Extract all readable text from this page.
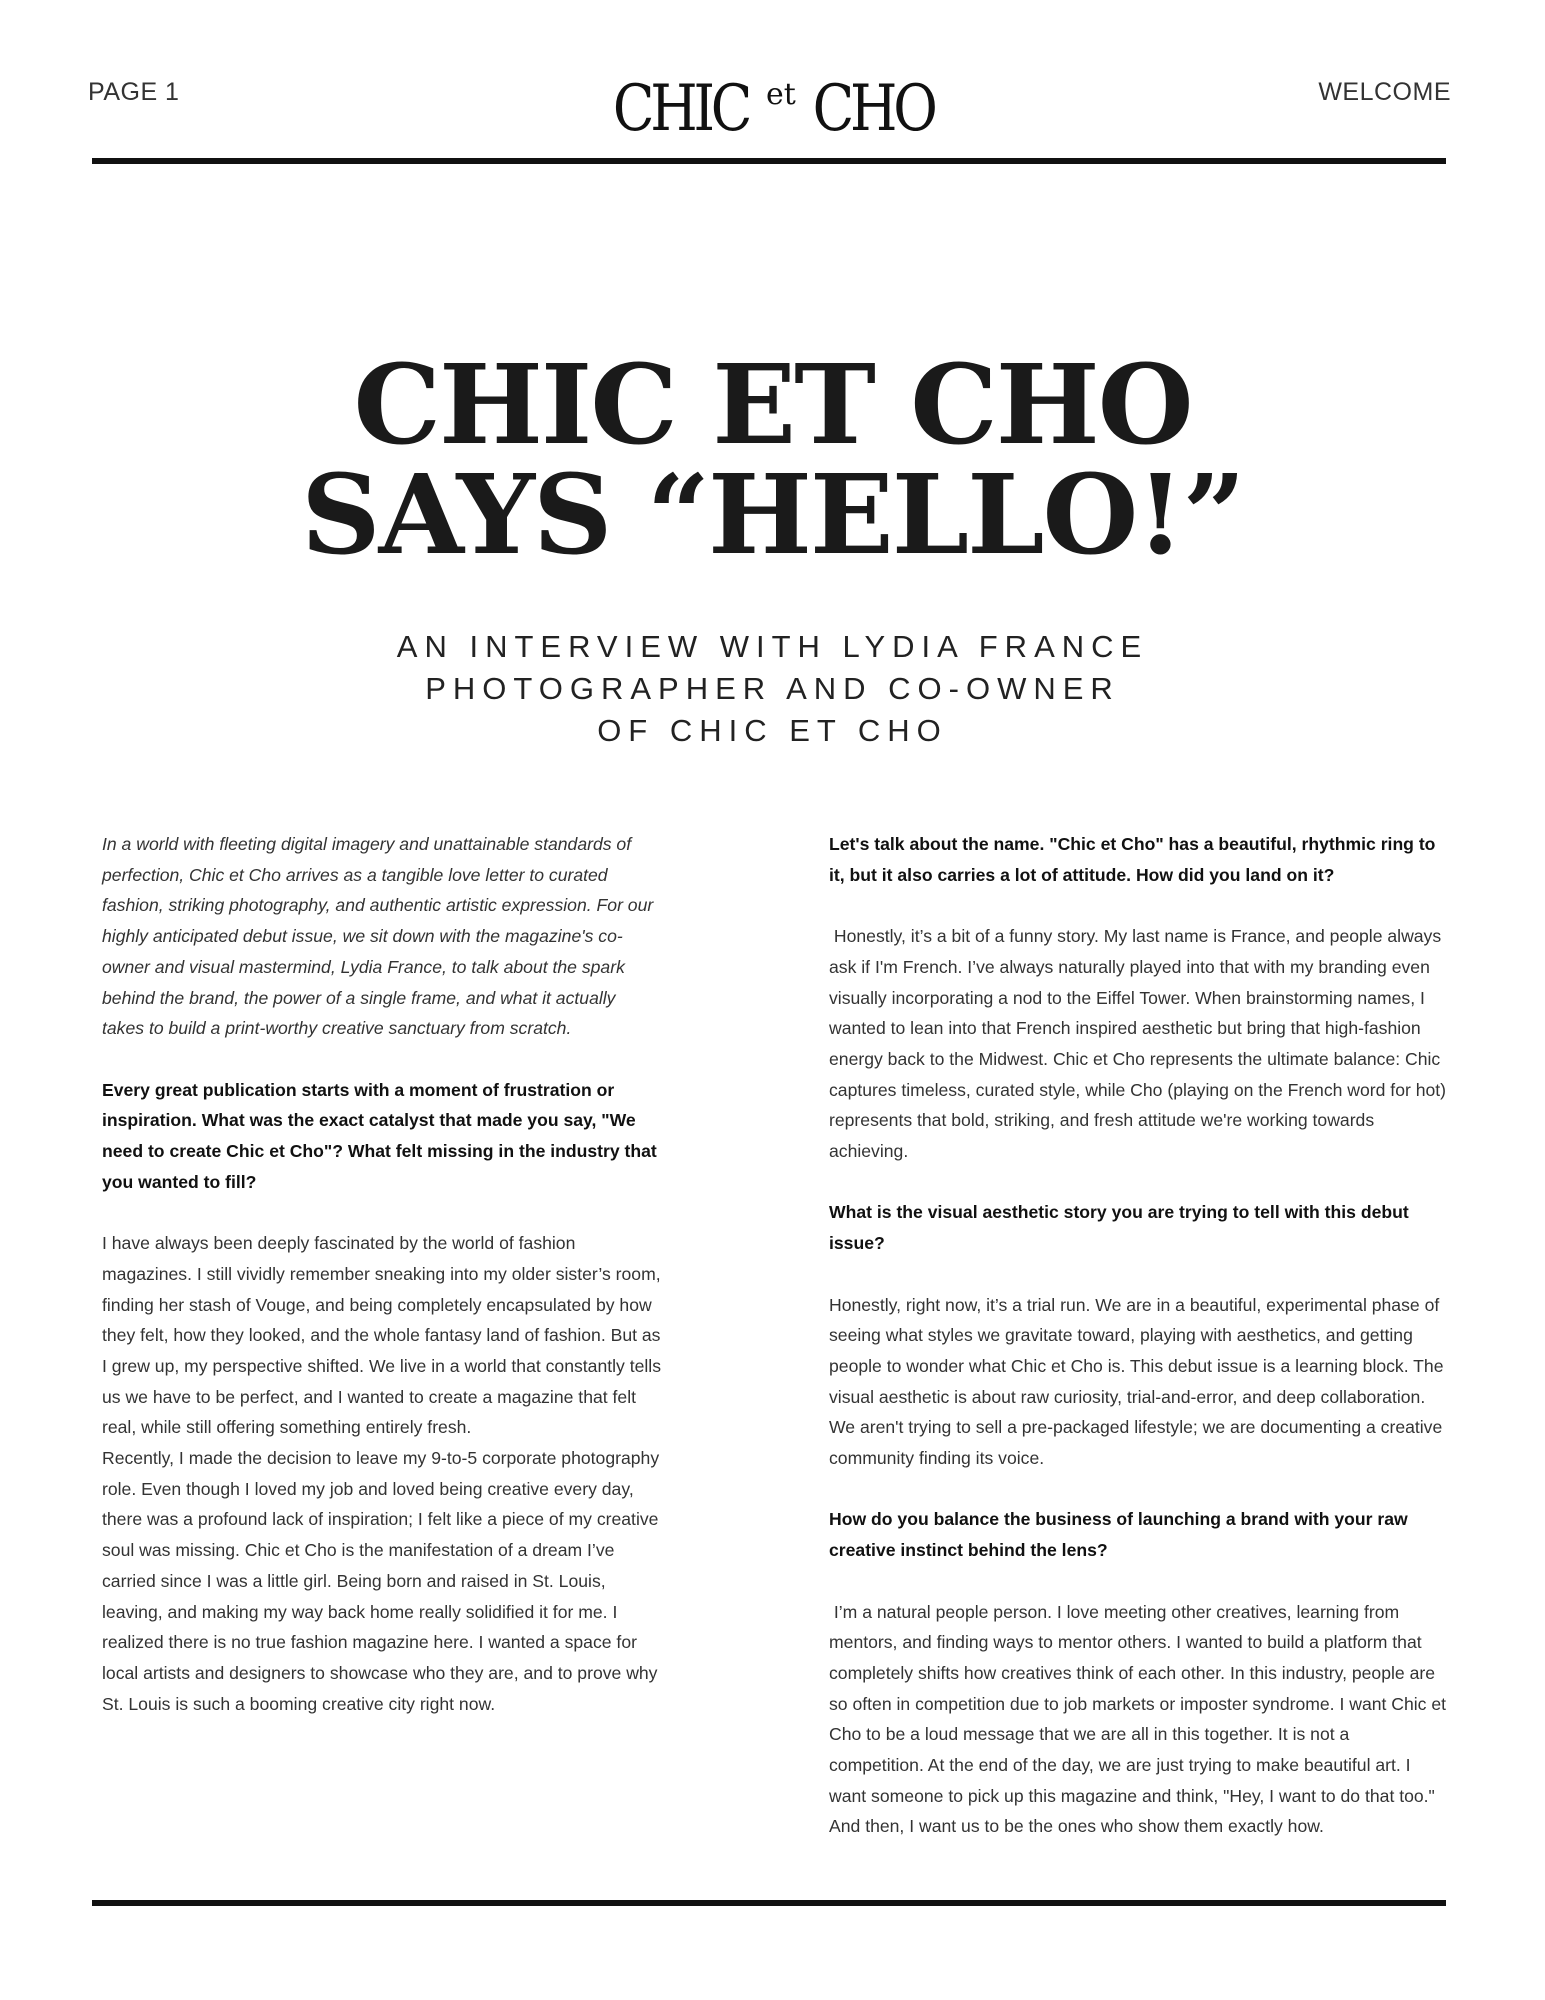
PAGE 1	CHIC et CHO	WELCOME
CHIC ET CHO
SAYS “HELLO!”
AN INTERVIEW WITH LYDIA FRANCE
PHOTOGRAPHER AND CO-OWNER
OF CHIC ET CHO

In a world with fleeting digital imagery and unattainable standards of perfection, Chic et Cho arrives as a tangible love letter to curated fashion, striking photography, and authentic artistic expression. For our highly anticipated debut issue, we sit down with the magazine's co-owner and visual mastermind, Lydia France, to talk about the spark behind the brand, the power of a single frame, and what it actually takes to build a print-worthy creative sanctuary from scratch.

Every great publication starts with a moment of frustration or inspiration. What was the exact catalyst that made you say, "We need to create Chic et Cho"? What felt missing in the industry that you wanted to fill?

I have always been deeply fascinated by the world of fashion magazines. I still vividly remember sneaking into my older sister’s room, finding her stash of Vouge, and being completely encapsulated by how they felt, how they looked, and the whole fantasy land of fashion. But as I grew up, my perspective shifted. We live in a world that constantly tells us we have to be perfect, and I wanted to create a magazine that felt real, while still offering something entirely fresh.

Recently, I made the decision to leave my 9-to-5 corporate photography role. Even though I loved my job and loved being creative every day, there was a profound lack of inspiration; I felt like a piece of my creative soul was missing. Chic et Cho is the manifestation of a dream I’ve carried since I was a little girl. Being born and raised in St. Louis, leaving, and making my way back home really solidified it for me. I realized there is no true fashion magazine here. I wanted a space for local artists and designers to showcase who they are, and to prove why St. Louis is such a booming creative city right now.

Let's talk about the name. "Chic et Cho" has a beautiful, rhythmic ring to it, but it also carries a lot of attitude. How did you land on it?

Honestly, it’s a bit of a funny story. My last name is France, and people always ask if I'm French. I’ve always naturally played into that with my branding even visually incorporating a nod to the Eiffel Tower. When brainstorming names, I wanted to lean into that French inspired aesthetic but bring that high-fashion energy back to the Midwest. Chic et Cho represents the ultimate balance: Chic captures timeless, curated style, while Cho (playing on the French word for hot) represents that bold, striking, and fresh attitude we're working towards achieving.

What is the visual aesthetic story you are trying to tell with this debut issue?

Honestly, right now, it’s a trial run. We are in a beautiful, experimental phase of seeing what styles we gravitate toward, playing with aesthetics, and getting people to wonder what Chic et Cho is. This debut issue is a learning block. The visual aesthetic is about raw curiosity, trial-and-error, and deep collaboration. We aren't trying to sell a pre-packaged lifestyle; we are documenting a creative community finding its voice.

How do you balance the business of launching a brand with your raw creative instinct behind the lens?

I’m a natural people person. I love meeting other creatives, learning from mentors, and finding ways to mentor others. I wanted to build a platform that completely shifts how creatives think of each other. In this industry, people are so often in competition due to job markets or imposter syndrome. I want Chic et Cho to be a loud message that we are all in this together. It is not a competition. At the end of the day, we are just trying to make beautiful art. I want someone to pick up this magazine and think, "Hey, I want to do that too." And then, I want us to be the ones who show them exactly how.
